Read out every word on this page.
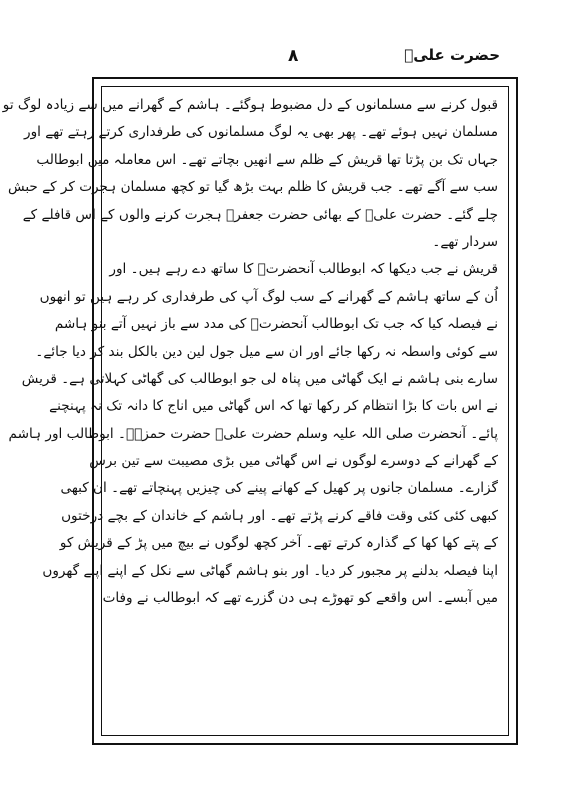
حضرت علیؓ
۸
قبول کرنے سے مسلمانوں کے دل مضبوط ہوگئے۔ ہاشم کے گھرانے میں سے زیادہ لوگ تو
مسلمان نہیں ہوئے تھے۔ پھر بھی یہ لوگ مسلمانوں کی طرفداری کرتے رہتے تھے اور
جہاں تک بن پڑتا تھا قریش کے ظلم سے انھیں بچاتے تھے۔ اس معاملہ میں ابوطالب
سب سے آگے تھے۔ جب قریش کا ظلم بہت بڑھ گیا تو کچھ مسلمان ہجرت کر کے حبش
چلے گئے۔ حضرت علیؓ کے بھائی حضرت جعفرؓ ہجرت کرنے والوں کے اس قافلے کے
سردار تھے۔
قریش نے جب دیکھا کہ ابوطالب آنحضرتؐ کا ساتھ دے رہے ہیں۔ اور
اُن کے ساتھ ہاشم کے گھرانے کے سب لوگ آپ کی طرفداری کر رہے ہیں تو انھوں
نے فیصلہ کیا کہ جب تک ابوطالب آنحضرتؐ کی مدد سے باز نہیں آتے بنو ہاشم
سے کوئی واسطہ نہ رکھا جائے اور ان سے میل جول لین دین بالکل بند کر دیا جائے۔
سارے بنی ہاشم نے ایک گھاٹی میں پناہ لی جو ابوطالب کی گھاٹی کہلاتی ہے۔ قریش
نے اس بات کا بڑا انتظام کر رکھا تھا کہ اس گھاٹی میں اناج کا دانہ تک نہ پہنچنے
پائے۔ آنحضرت صلی اللہ علیہ وسلم حضرت علیؓ حضرت حمزہؓ۔ ابوطالب اور ہاشم
کے گھرانے کے دوسرے لوگوں نے اس گھاٹی میں بڑی مصیبت سے تین برس
گزارے۔ مسلمان جانوں پر کھیل کے کھانے پینے کی چیزیں پہنچاتے تھے۔ ان کبھی
کبھی کئی کئی وقت فاقے کرنے پڑتے تھے۔ اور ہاشم کے خاندان کے بچے درختوں
کے پتے کھا کھا کے گذارہ کرتے تھے۔ آخر کچھ لوگوں نے بیچ میں پڑ کے قریش کو
اپنا فیصلہ بدلنے پر مجبور کر دیا۔ اور بنو ہاشم گھاٹی سے نکل کے اپنے اپنے گھروں
میں آبسے۔ اس واقعے کو تھوڑے ہی دن گزرے تھے کہ ابوطالب نے وفات
